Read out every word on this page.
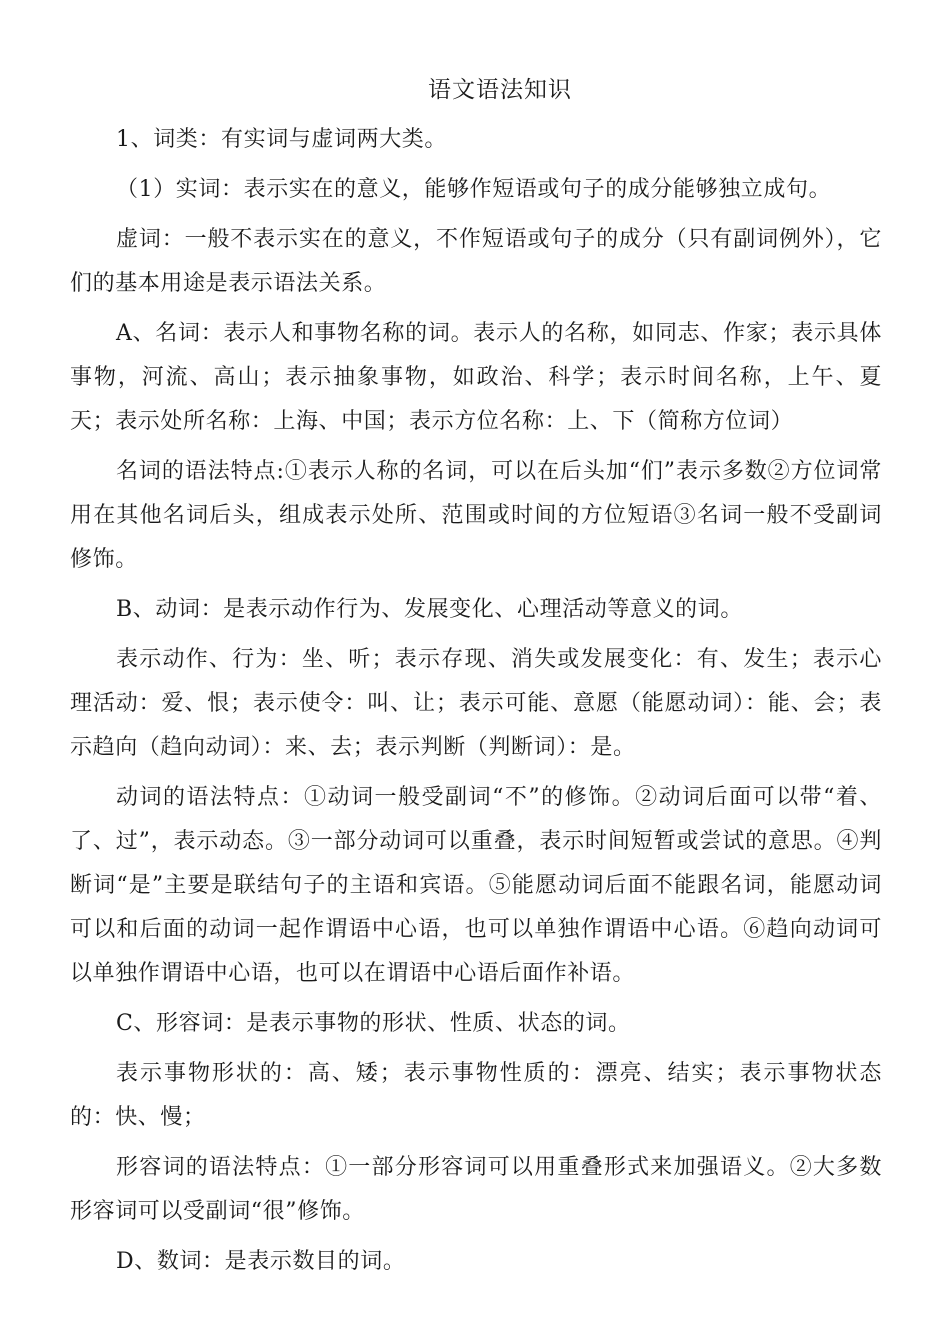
语文语法知识

1、词类：有实词与虚词两大类。

（1）实词：表示实在的意义，能够作短语或句子的成分能够独立成句。

虚词：一般不表示实在的意义，不作短语或句子的成分（只有副词例外），它们的基本用途是表示语法关系。

A、名词：表示人和事物名称的词。表示人的名称，如同志、作家；表示具体事物，河流、高山；表示抽象事物，如政治、科学；表示时间名称，上午、夏天；表示处所名称：上海、中国；表示方位名称：上、下（简称方位词）

名词的语法特点:①表示人称的名词，可以在后头加“们”表示多数②方位词常用在其他名词后头，组成表示处所、范围或时间的方位短语③名词一般不受副词修饰。

B、动词：是表示动作行为、发展变化、心理活动等意义的词。

表示动作、行为：坐、听；表示存现、消失或发展变化：有、发生；表示心理活动：爱、恨；表示使令：叫、让；表示可能、意愿（能愿动词）：能、会；表示趋向（趋向动词）：来、去；表示判断（判断词）：是。

动词的语法特点：①动词一般受副词“不”的修饰。②动词后面可以带“着、了、过”，表示动态。③一部分动词可以重叠，表示时间短暂或尝试的意思。④判断词“是”主要是联结句子的主语和宾语。⑤能愿动词后面不能跟名词，能愿动词可以和后面的动词一起作谓语中心语，也可以单独作谓语中心语。⑥趋向动词可以单独作谓语中心语，也可以在谓语中心语后面作补语。

C、形容词：是表示事物的形状、性质、状态的词。

表示事物形状的：高、矮；表示事物性质的：漂亮、结实；表示事物状态的：快、慢；

形容词的语法特点：①一部分形容词可以用重叠形式来加强语义。②大多数形容词可以受副词“很”修饰。

D、数词：是表示数目的词。
